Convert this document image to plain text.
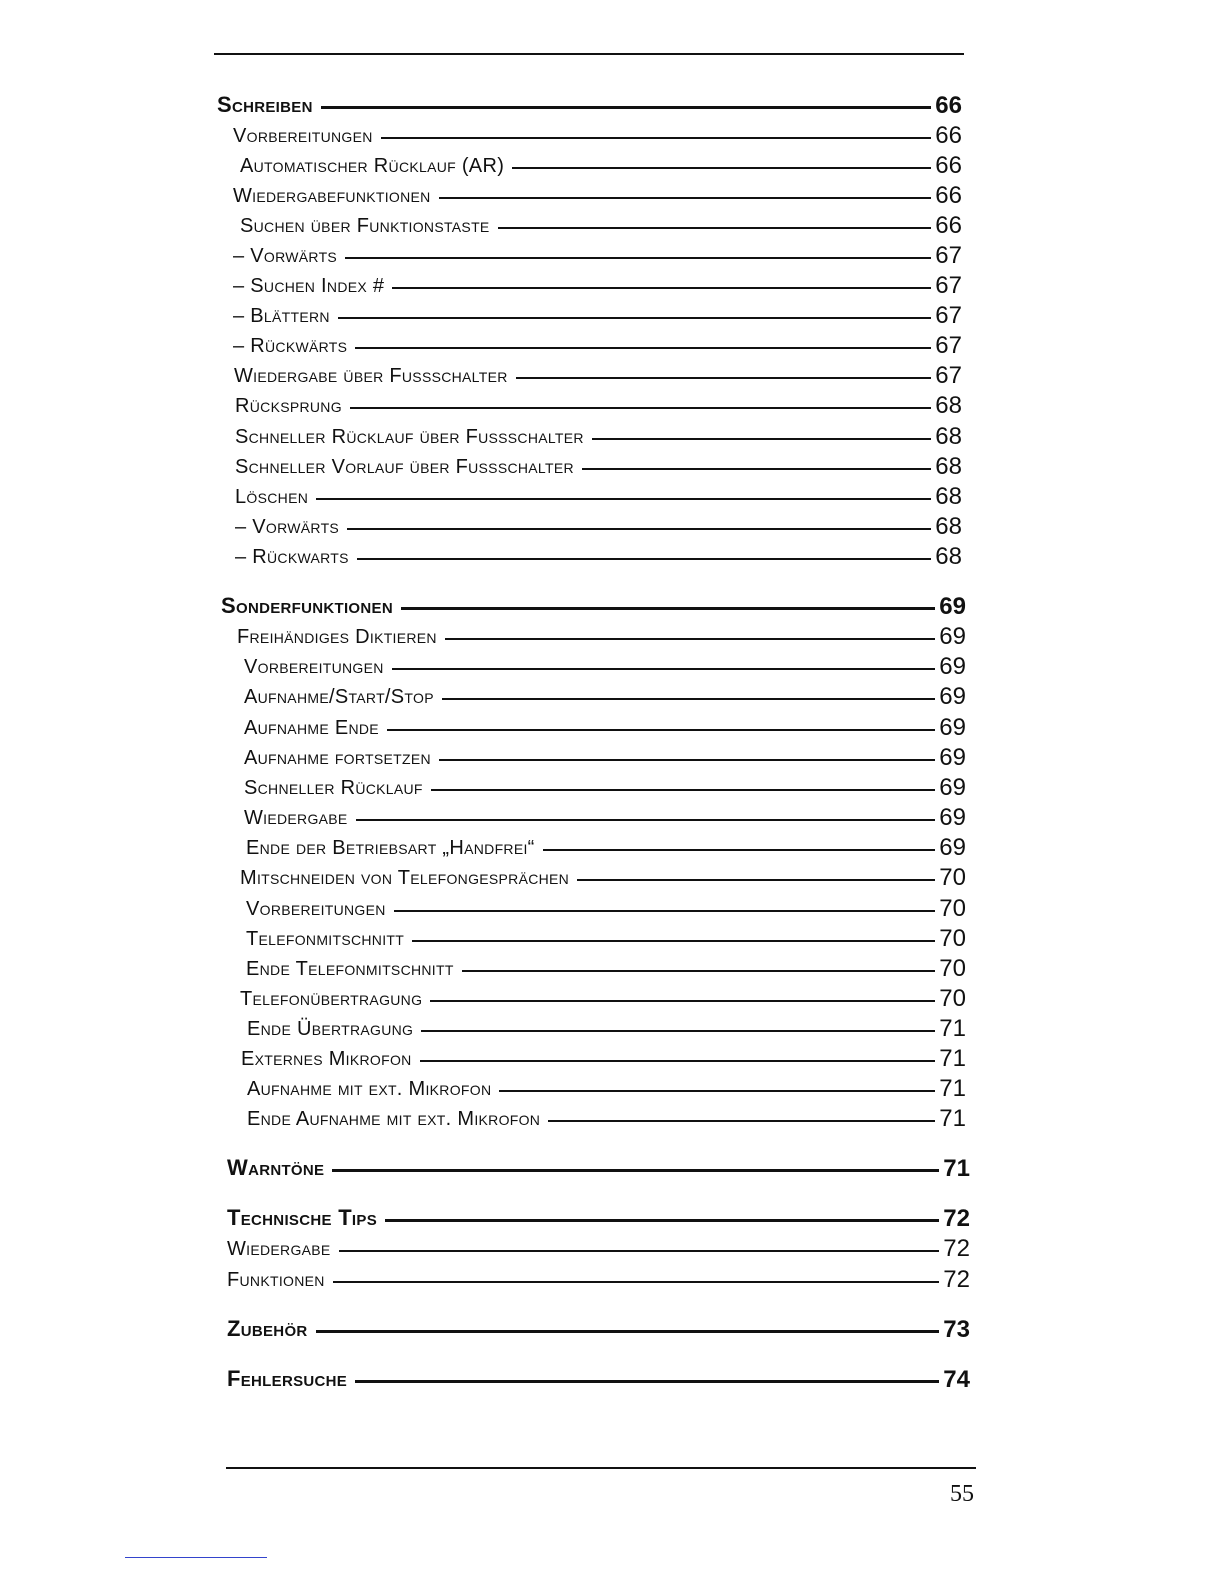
Schreiben	66
Vorbereitungen	66
Automatischer Rücklauf (AR)	66
Wiedergabefunktionen	66
Suchen über Funktionstaste	66
– Vorwärts	67
– Suchen Index #	67
– Blättern	67
– Rückwärts	67
Wiedergabe über Fussschalter	67
Rücksprung	68
Schneller Rücklauf über Fussschalter	68
Schneller Vorlauf über Fussschalter	68
Löschen	68
– Vorwärts	68
– Rückwarts	68
Sonderfunktionen	69
Freihändiges Diktieren	69
Vorbereitungen	69
Aufnahme/Start/Stop	69
Aufnahme Ende	69
Aufnahme fortsetzen	69
Schneller Rücklauf	69
Wiedergabe	69
Ende der Betriebsart „Handfrei“	69
Mitschneiden von Telefongesprächen	70
Vorbereitungen	70
Telefonmitschnitt	70
Ende Telefonmitschnitt	70
Telefonübertragung	70
Ende Übertragung	71
Externes Mikrofon	71
Aufnahme mit ext. Mikrofon	71
Ende Aufnahme mit ext. Mikrofon	71
Warntöne	71
Technische Tips	72
Wiedergabe	72
Funktionen	72
Zubehör	73
Fehlersuche	74
55
